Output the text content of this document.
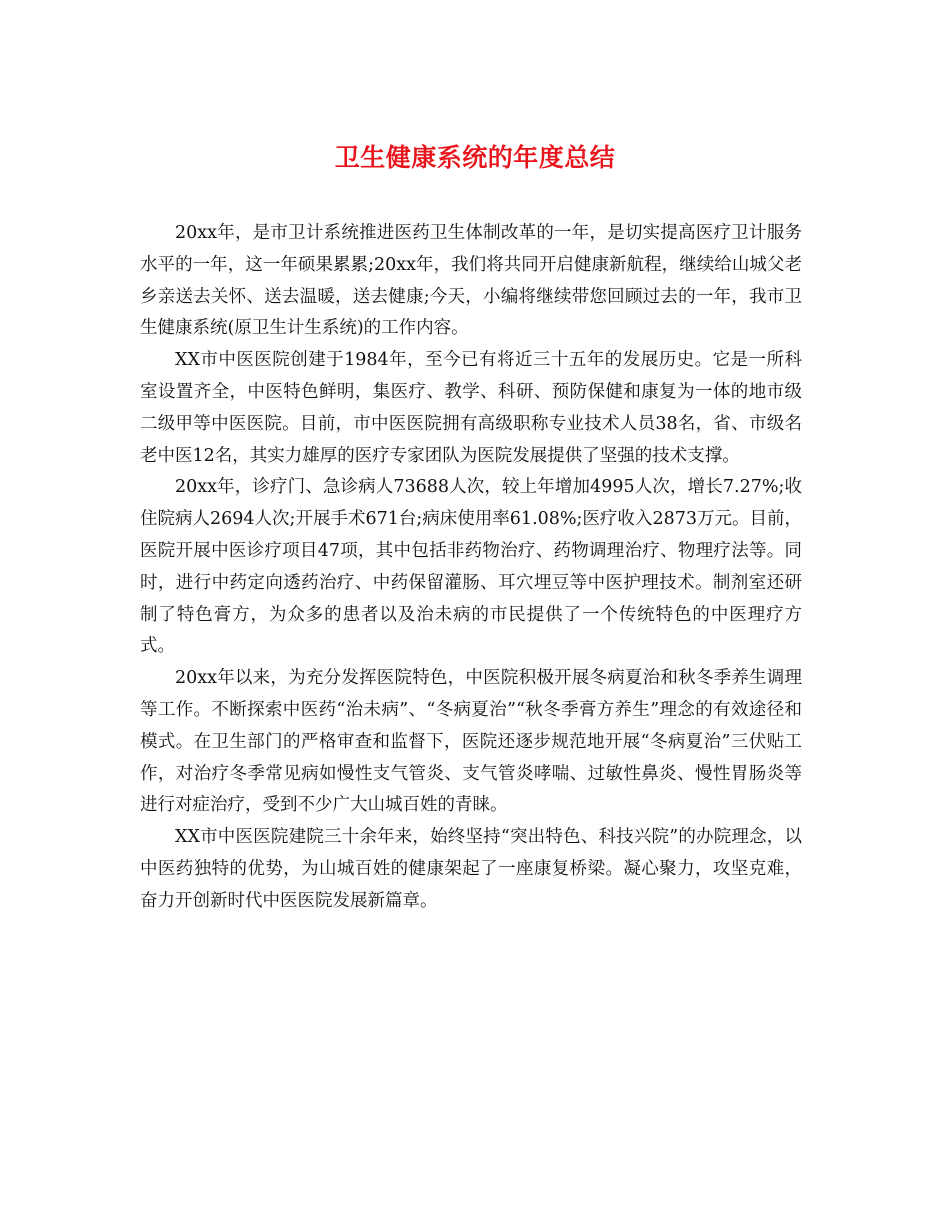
卫生健康系统的年度总结

20xx年，是市卫计系统推进医药卫生体制改革的一年，是切实提高医疗卫计服务水平的一年，这一年硕果累累;20xx年，我们将共同开启健康新航程，继续给山城父老乡亲送去关怀、送去温暖，送去健康;今天，小编将继续带您回顾过去的一年，我市卫生健康系统(原卫生计生系统)的工作内容。

XX市中医医院创建于1984年，至今已有将近三十五年的发展历史。它是一所科室设置齐全，中医特色鲜明，集医疗、教学、科研、预防保健和康复为一体的地市级二级甲等中医医院。目前，市中医医院拥有高级职称专业技术人员38名，省、市级名老中医12名，其实力雄厚的医疗专家团队为医院发展提供了坚强的技术支撑。

20xx年，诊疗门、急诊病人73688人次，较上年增加4995人次，增长7.27%;收住院病人2694人次;开展手术671台;病床使用率61.08%;医疗收入2873万元。目前，医院开展中医诊疗项目47项，其中包括非药物治疗、药物调理治疗、物理疗法等。同时，进行中药定向透药治疗、中药保留灌肠、耳穴埋豆等中医护理技术。制剂室还研制了特色膏方，为众多的患者以及治未病的市民提供了一个传统特色的中医理疗方式。

20xx年以来，为充分发挥医院特色，中医院积极开展冬病夏治和秋冬季养生调理等工作。不断探索中医药“治未病”、“冬病夏治”“秋冬季膏方养生”理念的有效途径和模式。在卫生部门的严格审查和监督下，医院还逐步规范地开展“冬病夏治”三伏贴工作，对治疗冬季常见病如慢性支气管炎、支气管炎哮喘、过敏性鼻炎、慢性胃肠炎等进行对症治疗，受到不少广大山城百姓的青睐。

XX市中医医院建院三十余年来，始终坚持“突出特色、科技兴院”的办院理念，以中医药独特的优势，为山城百姓的健康架起了一座康复桥梁。凝心聚力，攻坚克难，奋力开创新时代中医医院发展新篇章。
